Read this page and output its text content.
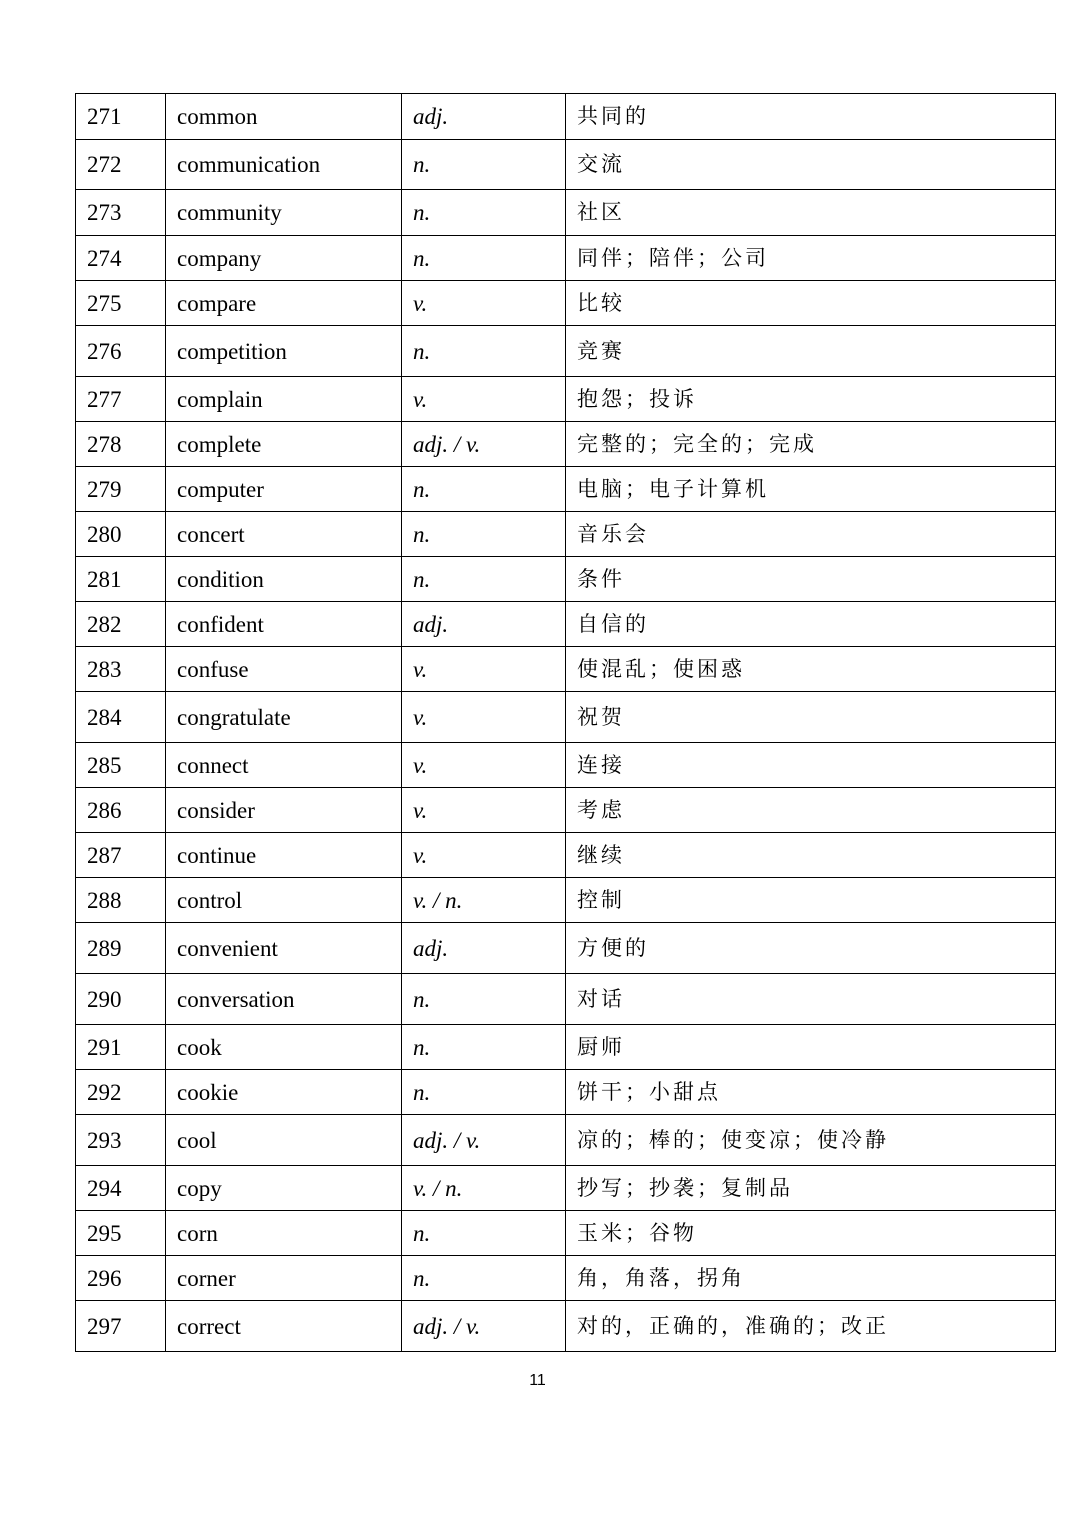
271	common	adj.	共同的
272	communication	n.	交流
273	community	n.	社区
274	company	n.	同伴；陪伴；公司
275	compare	v.	比较
276	competition	n.	竞赛
277	complain	v.	抱怨；投诉
278	complete	adj. / v.	完整的；完全的；完成
279	computer	n.	电脑；电子计算机
280	concert	n.	音乐会
281	condition	n.	条件
282	confident	adj.	自信的
283	confuse	v.	使混乱；使困惑
284	congratulate	v.	祝贺
285	connect	v.	连接
286	consider	v.	考虑
287	continue	v.	继续
288	control	v. / n.	控制
289	convenient	adj.	方便的
290	conversation	n.	对话
291	cook	n.	厨师
292	cookie	n.	饼干；小甜点
293	cool	adj. / v.	凉的；棒的；使变凉；使冷静
294	copy	v. / n.	抄写；抄袭；复制品
295	corn	n.	玉米；谷物
296	corner	n.	角，角落，拐角
297	correct	adj. / v.	对的，正确的，准确的；改正
11
